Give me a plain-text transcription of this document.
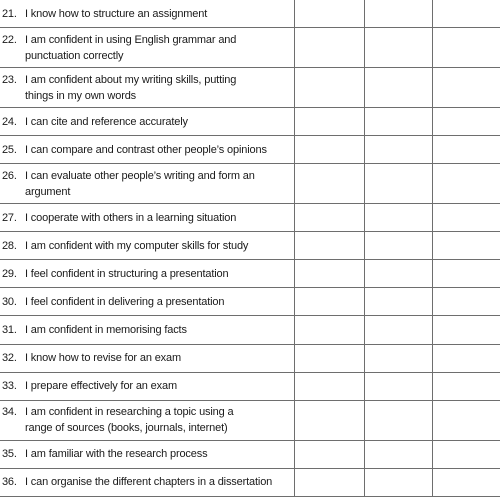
21. I know how to structure an assignment			

22. I am confident in using English grammar and
punctuation correctly			

23. I am confident about my writing skills, putting
things in my own words			

24. I can cite and reference accurately			

25. I can compare and contrast other people’s opinions			

26. I can evaluate other people’s writing and form an
argument			

27. I cooperate with others in a learning situation			

28. I am confident with my computer skills for study			

29. I feel confident in structuring a presentation			

30. I feel confident in delivering a presentation			

31. I am confident in memorising facts			

32. I know how to revise for an exam			

33. I prepare effectively for an exam			

34. I am confident in researching a topic using a
range of sources (books, journals, internet)			

35. I am familiar with the research process			

36. I can organise the different chapters in a dissertation			
